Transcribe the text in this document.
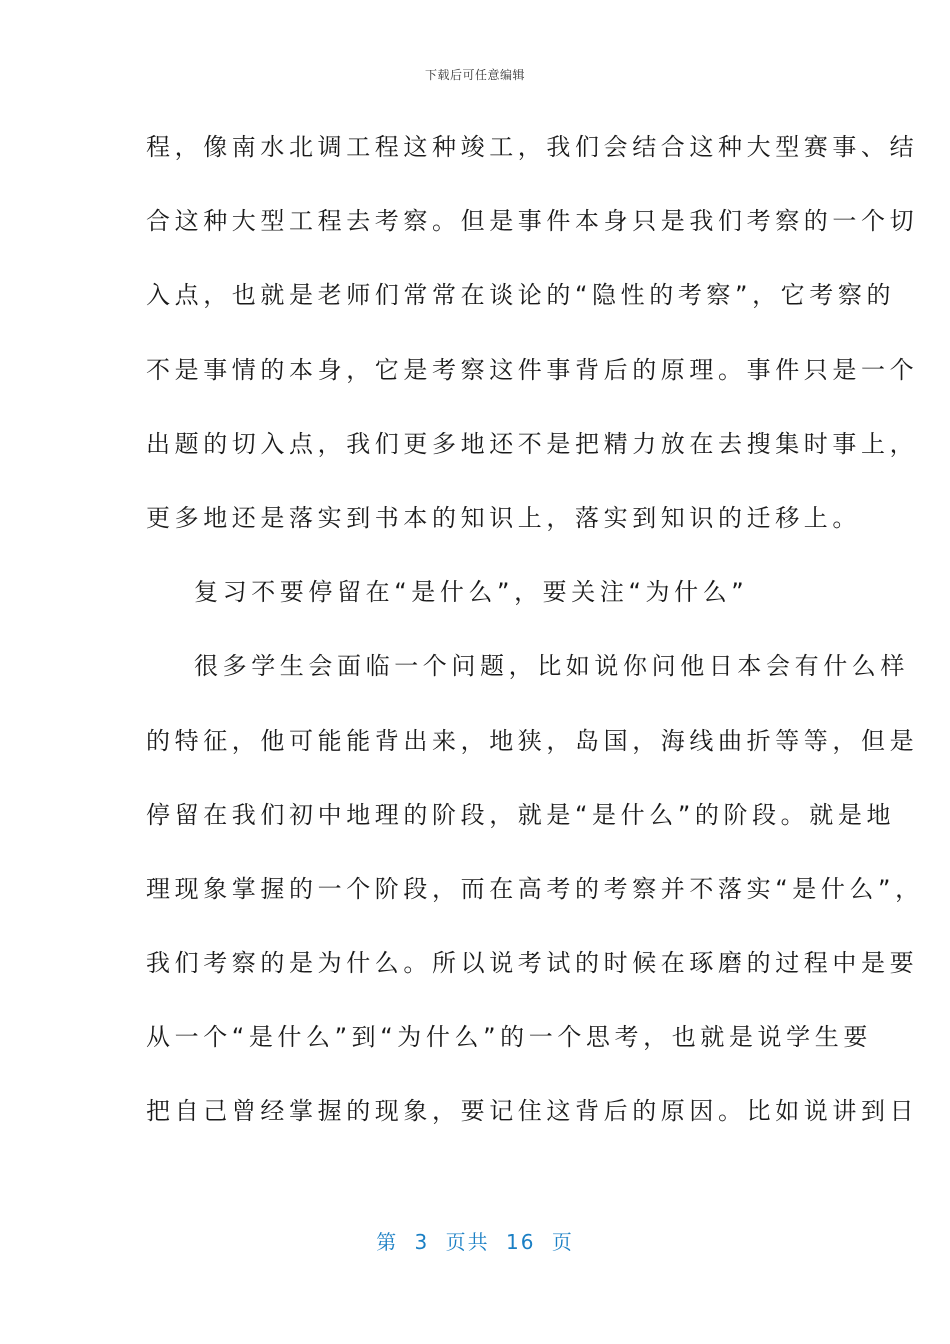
下载后可任意编辑
程，像南水北调工程这种竣工，我们会结合这种大型赛事、结
合这种大型工程去考察。但是事件本身只是我们考察的一个切
入点，也就是老师们常常在谈论的“隐性的考察”，它考察的
不是事情的本身，它是考察这件事背后的原理。事件只是一个
出题的切入点，我们更多地还不是把精力放在去搜集时事上，
更多地还是落实到书本的知识上，落实到知识的迁移上。
复习不要停留在“是什么”，要关注“为什么”
很多学生会面临一个问题，比如说你问他日本会有什么样
的特征，他可能能背出来，地狭，岛国，海线曲折等等，但是
停留在我们初中地理的阶段，就是“是什么”的阶段。就是地
理现象掌握的一个阶段，而在高考的考察并不落实“是什么”，
我们考察的是为什么。所以说考试的时候在琢磨的过程中是要
从一个“是什么”到“为什么”的一个思考，也就是说学生要
把自己曾经掌握的现象，要记住这背后的原因。比如说讲到日
第 3 页共 16 页
